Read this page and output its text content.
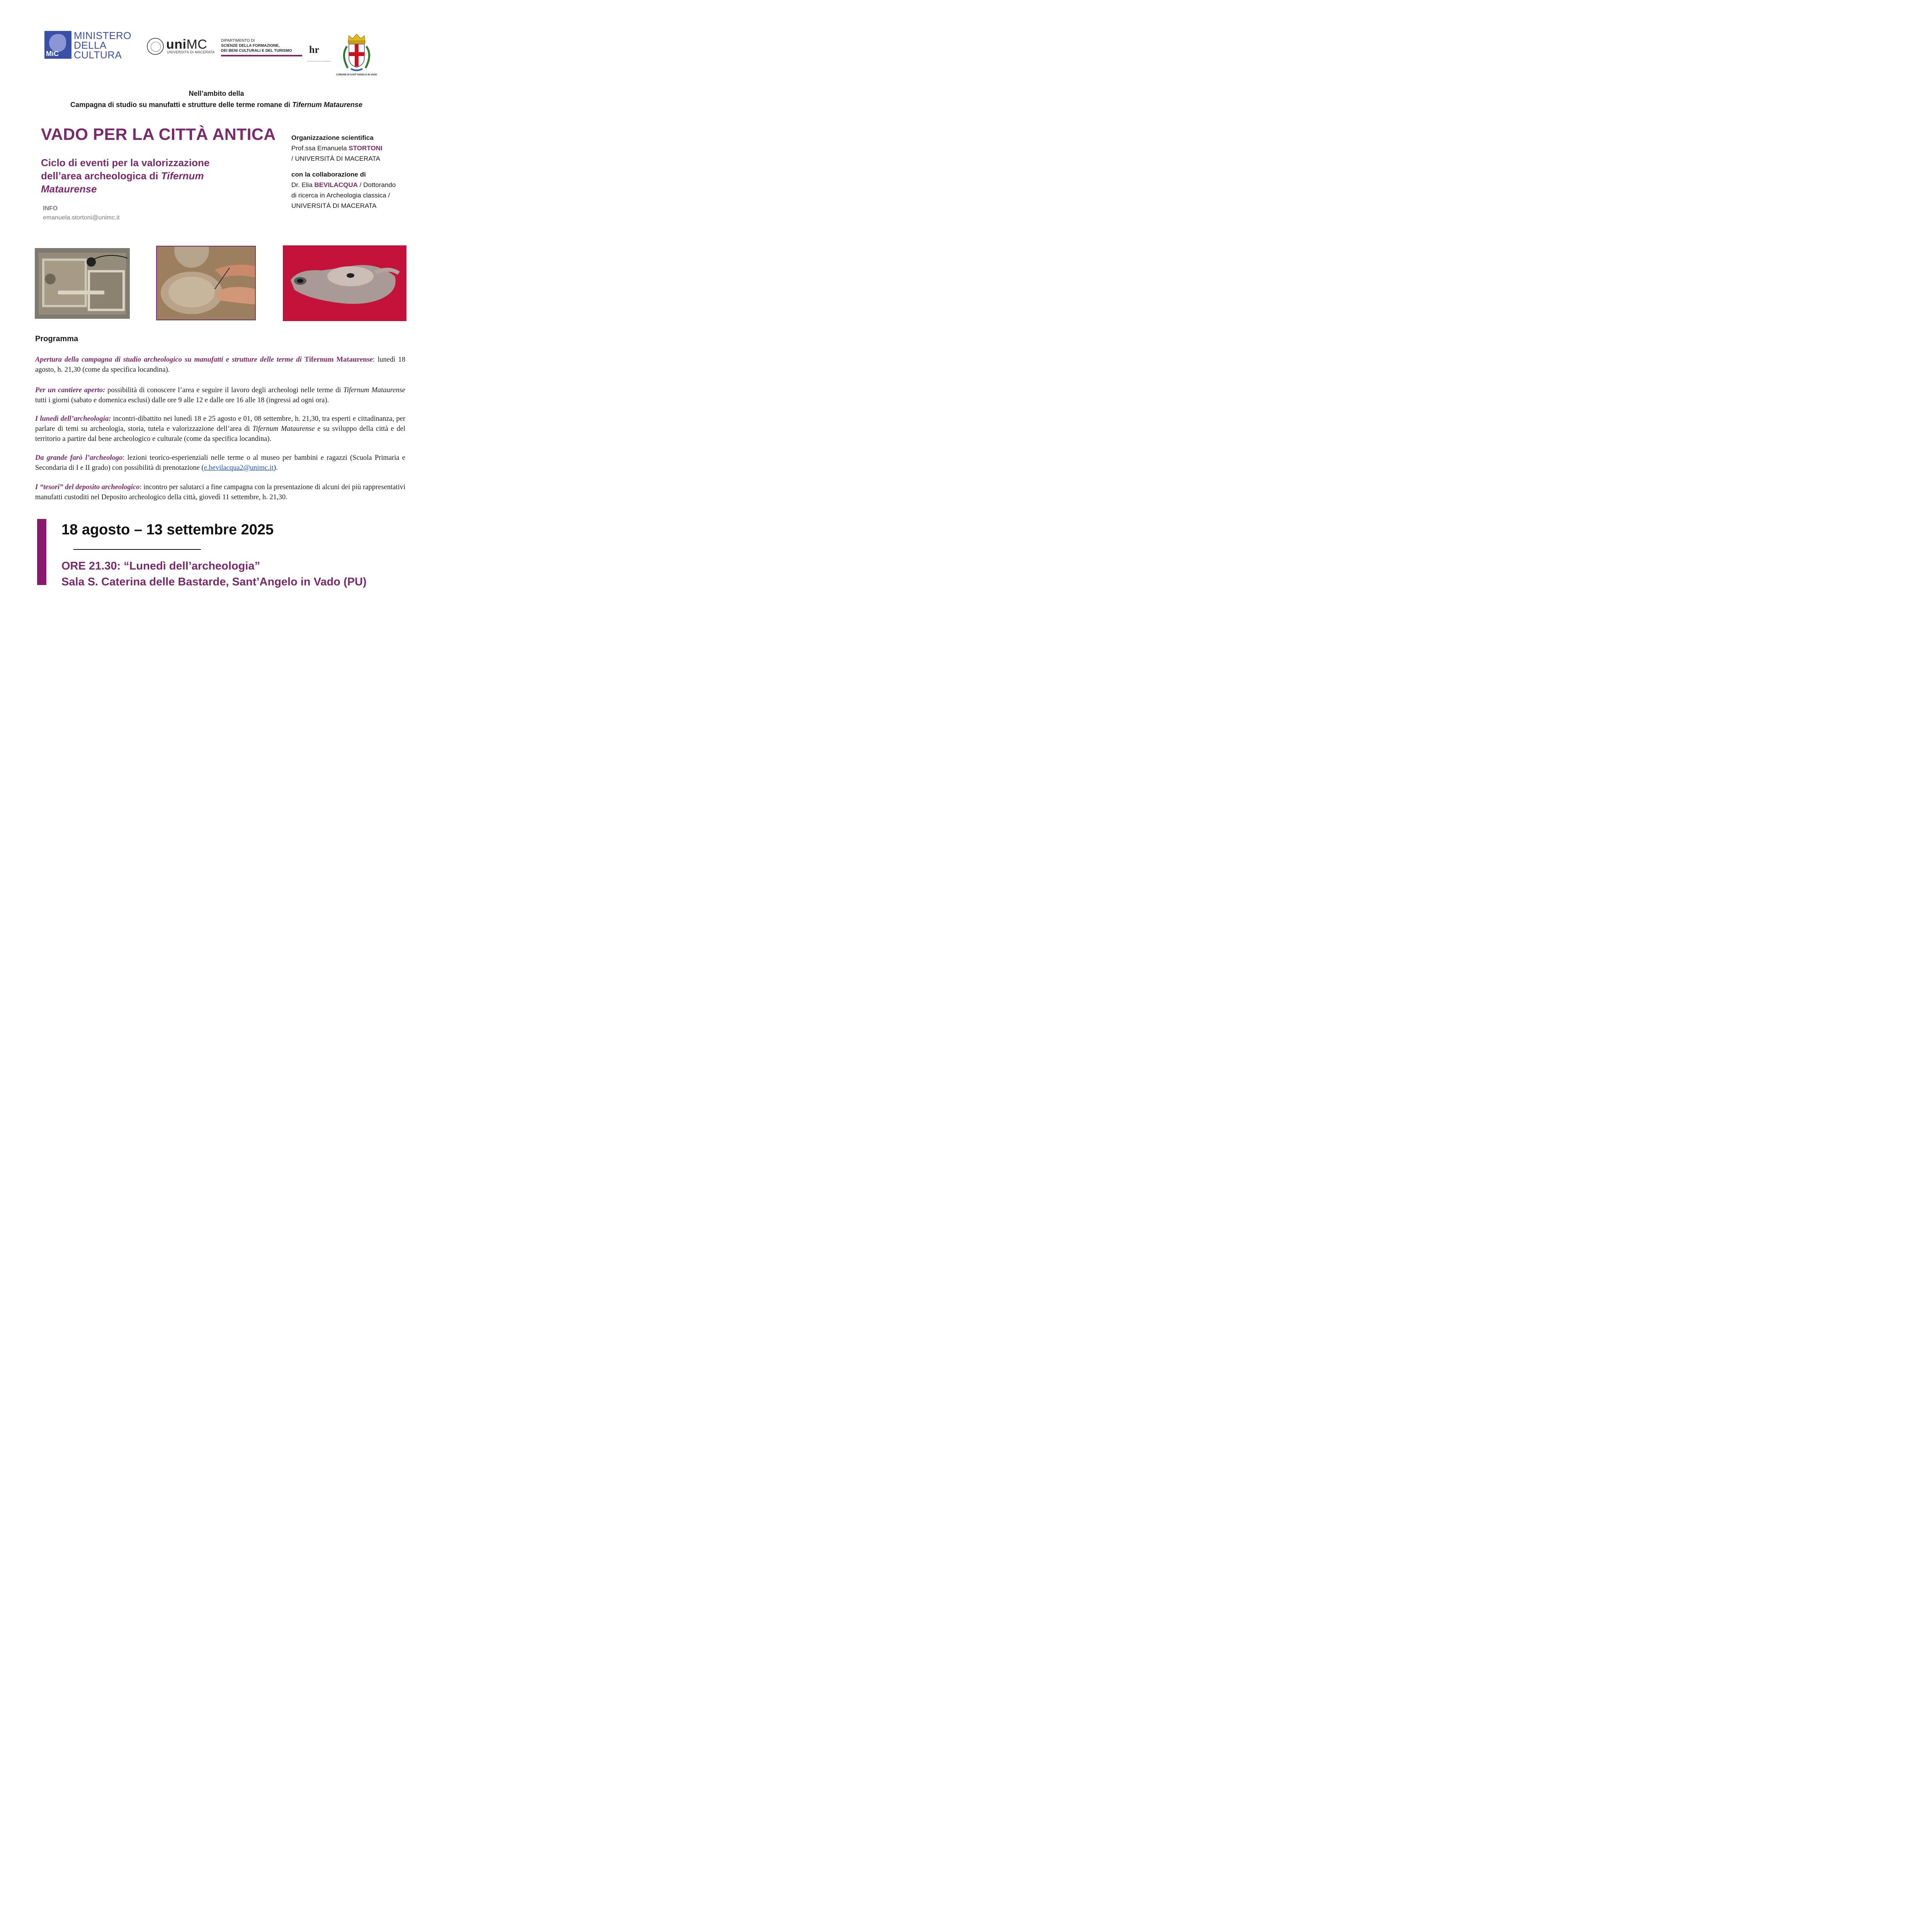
MiC
MINISTERO
DELLA
CULTURA
uniMC
UNIVERSITÀ DI MACERATA
DIPARTIMENTO DI
SCIENZE DELLA FORMAZIONE,
DEI BENI CULTURALI E DEL TURISMO	hr
HR EXCELLENCE IN RESEARCH
COMUNE DI SANT'ANGELO IN VADO
Nell’ambito della
Campagna di studio su manufatti e strutture delle terme romane di Tifernum Mataurense
VADO PER LA CITTÀ ANTICA
Ciclo di eventi per la valorizzazione
dell’area archeologica di Tifernum
Mataurense
INFO
emanuela.stortoni@unimc.it
Organizzazione scientifica
Prof.ssa Emanuela STORTONI
/ UNIVERSITÀ DI MACERATA
con la collaborazione di
Dr. Elia BEVILACQUA / Dottorando
di ricerca in Archeologia classica /
UNIVERSITÀ DI MACERATA
Programma
Apertura della campagna di studio archeologico su manufatti e strutture delle terme di Tifernum Mataurense: lunedì 18 agosto, h. 21,30 (come da specifica locandina).
Per un cantiere aperto: possibilità di conoscere l’area e seguire il lavoro degli archeologi nelle terme di Tifernum Mataurense tutti i giorni (sabato e domenica esclusi) dalle ore 9 alle 12 e dalle ore 16 alle 18 (ingressi ad ogni ora).
I lunedì dell’archeologia: incontri-dibattito nei lunedì 18 e 25 agosto e 01, 08 settembre, h. 21,30, tra esperti e cittadinanza, per parlare di temi su archeologia, storia, tutela e valorizzazione dell’area di Tifernum Mataurense e su sviluppo della città e del territorio a partire dal bene archeologico e culturale (come da specifica locandina).
Da grande farò l’archeologo: lezioni teorico-esperienziali nelle terme o al museo per bambini e ragazzi (Scuola Primaria e Secondaria di I e II grado) con possibilità di prenotazione (e.bevilacqua2@unimc.it).
I “tesori” del deposito archeologico: incontro per salutarci a fine campagna con la presentazione di alcuni dei più rappresentativi manufatti custoditi nel Deposito archeologico della città, giovedì 11 settembre, h. 21,30.
18 agosto – 13 settembre 2025
ORE 21.30: “Lunedì dell’archeologia”
Sala S. Caterina delle Bastarde, Sant’Angelo in Vado (PU)
